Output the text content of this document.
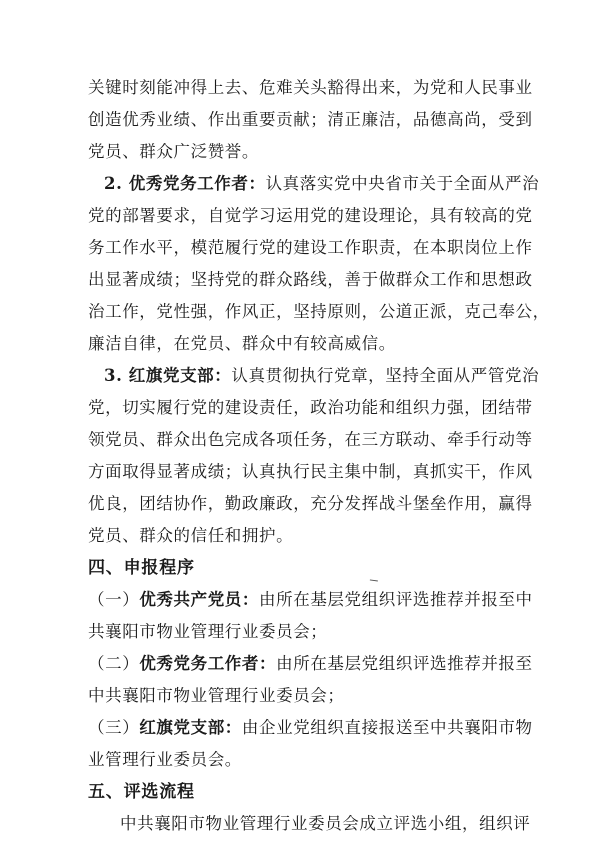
关键时刻能冲得上去、危难关头豁得出来，为党和人民事业
创造优秀业绩、作出重要贡献；清正廉洁，品德高尚，受到
党员、群众广泛赞誉。
2. 优秀党务工作者：认真落实党中央省市关于全面从严治
党的部署要求，自觉学习运用党的建设理论，具有较高的党
务工作水平，模范履行党的建设工作职责，在本职岗位上作
出显著成绩；坚持党的群众路线，善于做群众工作和思想政
治工作，党性强，作风正，坚持原则，公道正派，克己奉公，
廉洁自律，在党员、群众中有较高威信。
3. 红旗党支部：认真贯彻执行党章，坚持全面从严管党治
党，切实履行党的建设责任，政治功能和组织力强，团结带
领党员、群众出色完成各项任务，在三方联动、牵手行动等
方面取得显著成绩；认真执行民主集中制，真抓实干，作风
优良，团结协作，勤政廉政，充分发挥战斗堡垒作用，赢得
党员、群众的信任和拥护。
四、申报程序
（一）优秀共产党员：由所在基层党组织评选推荐并报至中
共襄阳市物业管理行业委员会；
（二）优秀党务工作者：由所在基层党组织评选推荐并报至
中共襄阳市物业管理行业委员会；
（三）红旗党支部：由企业党组织直接报送至中共襄阳市物
业管理行业委员会。
五、评选流程
中共襄阳市物业管理行业委员会成立评选小组，组织评
